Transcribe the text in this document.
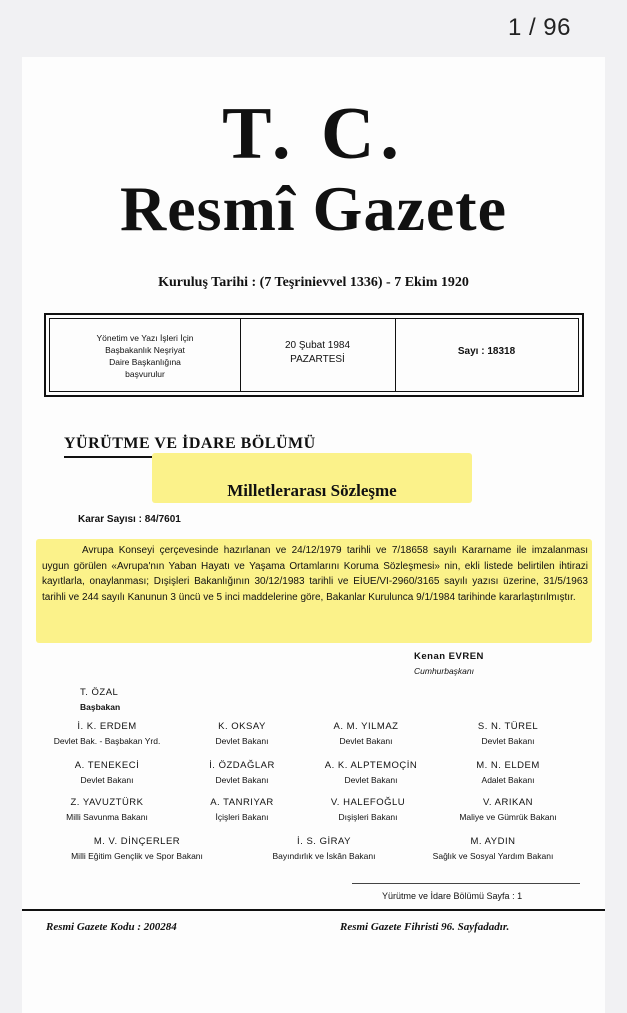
1 / 96
T. C.
Resmî Gazete
Kuruluş Tarihi : (7 Teşrinievvel 1336) - 7 Ekim 1920
Yönetim ve Yazı İşleri İçin
Başbakanlık Neşriyat
Daire Başkanlığına
başvurulur
20 Şubat 1984
PAZARTESİ
Sayı : 18318
YÜRÜTME VE İDARE BÖLÜMÜ
Milletlerarası Sözleşme
Karar Sayısı : 84/7601

Avrupa Konseyi çerçevesinde hazırlanan ve 24/12/1979 tarihli ve 7/18658 sayılı Kararname ile imzalanması uygun görülen «Avrupa'nın Yaban Hayatı ve Yaşama Ortamlarını Koruma Sözleşmesi» nin, ekli listede belirtilen ihtirazi kayıtlarla, onaylanması; Dışişleri Bakanlığının 30/12/1983 tarihli ve EİUE/VI-2960/3165 sayılı yazısı üzerine, 31/5/1963 tarihli ve 244 sayılı Kanunun 3 üncü ve 5 inci maddelerine göre, Bakanlar Kurulunca 9/1/1984 tarihinde kararlaştırılmıştır.

Kenan EVREN
Cumhurbaşkanı
T. ÖZAL
Başbakan
İ. K. ERDEM
Devlet Bak. - Başbakan Yrd.
K. OKSAY
Devlet Bakanı
A. M. YILMAZ
Devlet Bakanı
S. N. TÜREL
Devlet Bakanı
A. TENEKECİ
Devlet Bakanı
İ. ÖZDAĞLAR
Devlet Bakanı
A. K. ALPTEMOÇİN
Devlet Bakanı
M. N. ELDEM
Adalet Bakanı
Z. YAVUZTÜRK
Milli Savunma Bakanı
A. TANRIYAR
İçişleri Bakanı
V. HALEFOĞLU
Dışişleri Bakanı
V. ARIKAN
Maliye ve Gümrük Bakanı
M. V. DİNÇERLER
Milli Eğitim Gençlik ve Spor Bakanı
İ. S. GİRAY
Bayındırlık ve İskân Bakanı
M. AYDIN
Sağlık ve Sosyal Yardım Bakanı
Yürütme ve İdare Bölümü Sayfa : 1
Resmi Gazete Kodu : 200284	Resmi Gazete Fihristi 96. Sayfadadır.
